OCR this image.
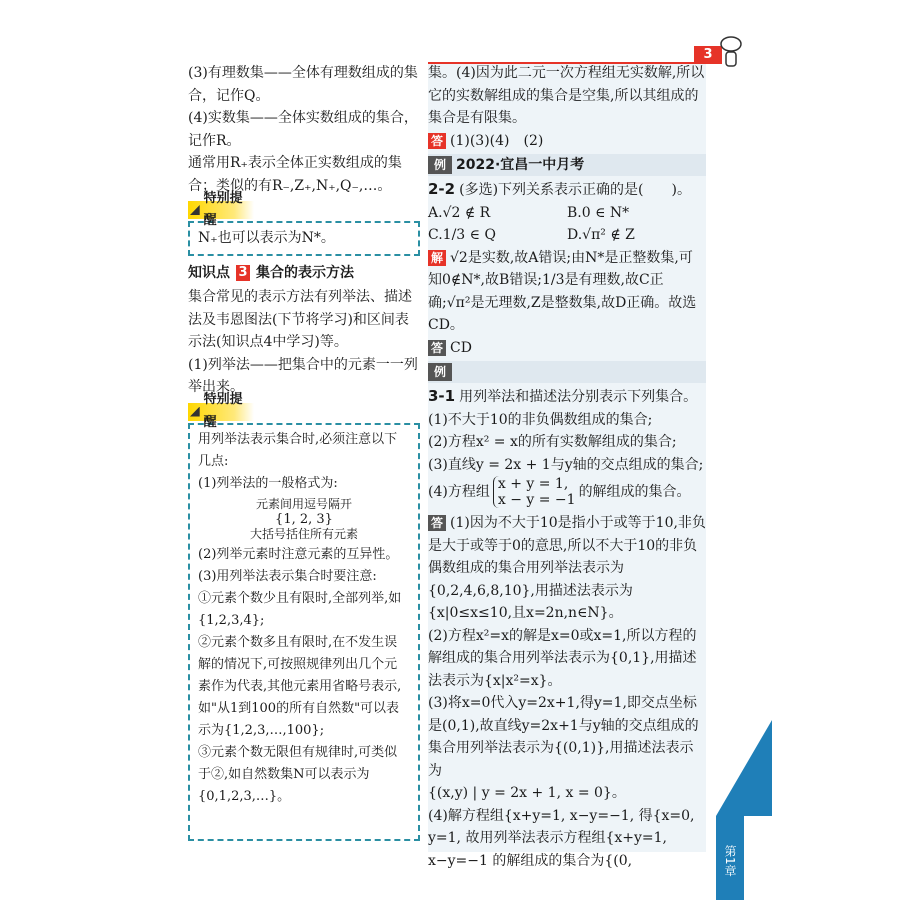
3
第1章

(3)有理数集——全体有理数组成的集合，记作Q。

(4)实数集——全体实数组成的集合，记作R。

通常用R₊表示全体正实数组成的集合；类似的有R₋,Z₊,N₊,Q₋,…。

特别提醒

N₊也可以表示为N*。

知识点 3 集合的表示方法

集合常见的表示方法有列举法、描述法及韦恩图法(下节将学习)和区间表示法(知识点4中学习)等。

(1)列举法——把集合中的元素一一列举出来。

特别提醒

用列举法表示集合时,必须注意以下几点:

(1)列举法的一般格式为:

元素间用逗号隔开
{1, 2, 3}
大括号括住所有元素

(2)列举元素时注意元素的互异性。

(3)用列举法表示集合时要注意:

①元素个数少且有限时,全部列举,如{1,2,3,4};

②元素个数多且有限时,在不发生误解的情况下,可按照规律列出几个元素作为代表,其他元素用省略号表示,如"从1到100的所有自然数"可以表示为{1,2,3,…,100};

③元素个数无限但有规律时,可类似于②,如自然数集N可以表示为{0,1,2,3,…}。

集。(4)因为此二元一次方程组无实数解,所以它的实数解组成的集合是空集,所以其组成的集合是有限集。

答 (1)(3)(4)　(2)

例 2022·宜昌一中月考

2-2 (多选)下列关系表示正确的是(　　)。

A.√2 ∉ R	B.0 ∈ N*
C.1/3 ∈ Q	D.√π² ∉ Z

解 √2是实数,故A错误;由N*是正整数集,可知0∉N*,故B错误;1/3是有理数,故C正确;√π²是无理数,Z是整数集,故D正确。故选CD。

答 CD

例

3-1 用列举法和描述法分别表示下列集合。

(1)不大于10的非负偶数组成的集合;

(2)方程x² = x的所有实数解组成的集合;

(3)直线y = 2x + 1与y轴的交点组成的集合;

(4)方程组 x + y = 1,
x − y = −1 的解组成的集合。

答 (1)因为不大于10是指小于或等于10,非负是大于或等于0的意思,所以不大于10的非负偶数组成的集合用列举法表示为{0,2,4,6,8,10},用描述法表示为{x|0≤x≤10,且x=2n,n∈N}。

(2)方程x²=x的解是x=0或x=1,所以方程的解组成的集合用列举法表示为{0,1},用描述法表示为{x|x²=x}。

(3)将x=0代入y=2x+1,得y=1,即交点坐标是(0,1),故直线y=2x+1与y轴的交点组成的集合用列举法表示为{(0,1)},用描述法表示为

{(x,y) | y = 2x + 1, x = 0}。

(4)解方程组{x+y=1, x−y=−1, 得{x=0, y=1, 故用列举法表示方程组{x+y=1, x−y=−1 的解组成的集合为{(0,
